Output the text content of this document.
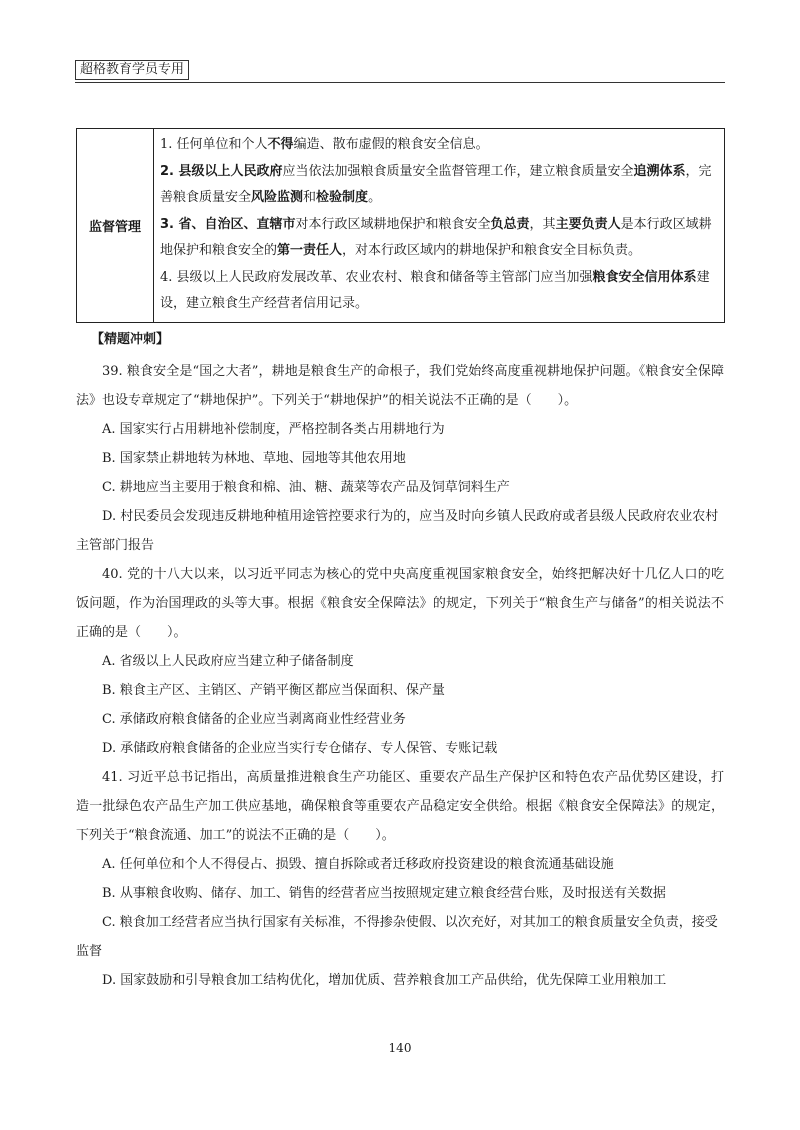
超格教育学员专用
监督管理	

1. 任何单位和个人不得编造、散布虚假的粮食安全信息。

2. 县级以上人民政府应当依法加强粮食质量安全监督管理工作，建立粮食质量安全追溯体系，完善粮食质量安全风险监测和检验制度。

3. 省、自治区、直辖市对本行政区域耕地保护和粮食安全负总责，其主要负责人是本行政区域耕地保护和粮食安全的第一责任人，对本行政区域内的耕地保护和粮食安全目标负责。

4. 县级以上人民政府发展改革、农业农村、粮食和储备等主管部门应当加强粮食安全信用体系建设，建立粮食生产经营者信用记录。

【精题冲刺】

39. 粮食安全是“国之大者”，耕地是粮食生产的命根子，我们党始终高度重视耕地保护问题。《粮食安全保障法》也设专章规定了“耕地保护”。下列关于“耕地保护”的相关说法不正确的是（　　）。

A. 国家实行占用耕地补偿制度，严格控制各类占用耕地行为

B. 国家禁止耕地转为林地、草地、园地等其他农用地

C. 耕地应当主要用于粮食和棉、油、糖、蔬菜等农产品及饲草饲料生产

D. 村民委员会发现违反耕地种植用途管控要求行为的，应当及时向乡镇人民政府或者县级人民政府农业农村主管部门报告

40. 党的十八大以来，以习近平同志为核心的党中央高度重视国家粮食安全，始终把解决好十几亿人口的吃饭问题，作为治国理政的头等大事。根据《粮食安全保障法》的规定，下列关于“粮食生产与储备”的相关说法不正确的是（　　）。

A. 省级以上人民政府应当建立种子储备制度

B. 粮食主产区、主销区、产销平衡区都应当保面积、保产量

C. 承储政府粮食储备的企业应当剥离商业性经营业务

D. 承储政府粮食储备的企业应当实行专仓储存、专人保管、专账记载

41. 习近平总书记指出，高质量推进粮食生产功能区、重要农产品生产保护区和特色农产品优势区建设，打造一批绿色农产品生产加工供应基地，确保粮食等重要农产品稳定安全供给。根据《粮食安全保障法》的规定，下列关于“粮食流通、加工”的说法不正确的是（　　）。

A. 任何单位和个人不得侵占、损毁、擅自拆除或者迁移政府投资建设的粮食流通基础设施

B. 从事粮食收购、储存、加工、销售的经营者应当按照规定建立粮食经营台账，及时报送有关数据

C. 粮食加工经营者应当执行国家有关标准，不得掺杂使假、以次充好，对其加工的粮食质量安全负责，接受监督

D. 国家鼓励和引导粮食加工结构优化，增加优质、营养粮食加工产品供给，优先保障工业用粮加工

140
